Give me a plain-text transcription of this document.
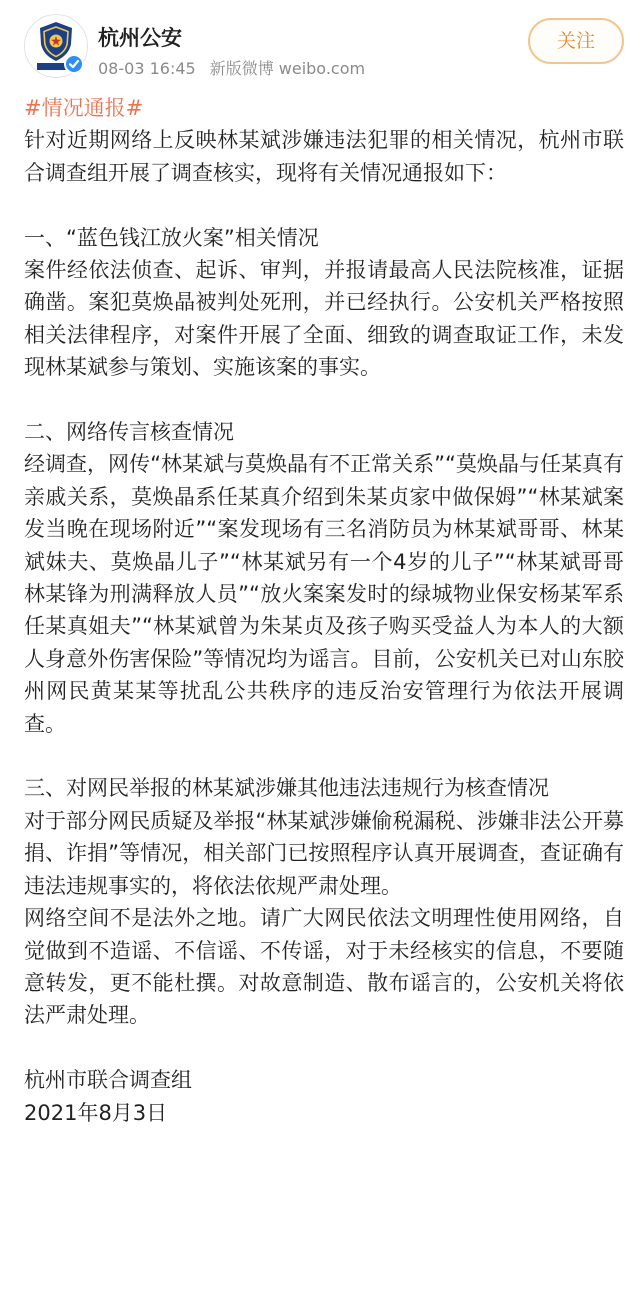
杭州公安
08-03 16:45 新版微博 weibo.com
关注

#情况通报#

针对近期网络上反映林某斌涉嫌违法犯罪的相关情况，杭州市联合调查组开展了调查核实，现将有关情况通报如下：

一、“蓝色钱江放火案”相关情况

案件经依法侦查、起诉、审判，并报请最高人民法院核准，证据确凿。案犯莫焕晶被判处死刑，并已经执行。公安机关严格按照相关法律程序，对案件开展了全面、细致的调查取证工作，未发现林某斌参与策划、实施该案的事实。

二、网络传言核查情况

经调查，网传“林某斌与莫焕晶有不正常关系”“莫焕晶与任某真有亲戚关系，莫焕晶系任某真介绍到朱某贞家中做保姆”“林某斌案发当晚在现场附近”“案发现场有三名消防员为林某斌哥哥、林某斌妹夫、莫焕晶儿子”“林某斌另有一个4岁的儿子”“林某斌哥哥林某锋为刑满释放人员”“放火案案发时的绿城物业保安杨某军系任某真姐夫”“林某斌曾为朱某贞及孩子购买受益人为本人的大额人身意外伤害保险”等情况均为谣言。目前，公安机关已对山东胶州网民黄某某等扰乱公共秩序的违反治安管理行为依法开展调查。

三、对网民举报的林某斌涉嫌其他违法违规行为核查情况

对于部分网民质疑及举报“林某斌涉嫌偷税漏税、涉嫌非法公开募捐、诈捐”等情况，相关部门已按照程序认真开展调查，查证确有违法违规事实的，将依法依规严肃处理。

网络空间不是法外之地。请广大网民依法文明理性使用网络，自觉做到不造谣、不信谣、不传谣，对于未经核实的信息，不要随意转发，更不能杜撰。对故意制造、散布谣言的，公安机关将依法严肃处理。

杭州市联合调查组

2021年8月3日
